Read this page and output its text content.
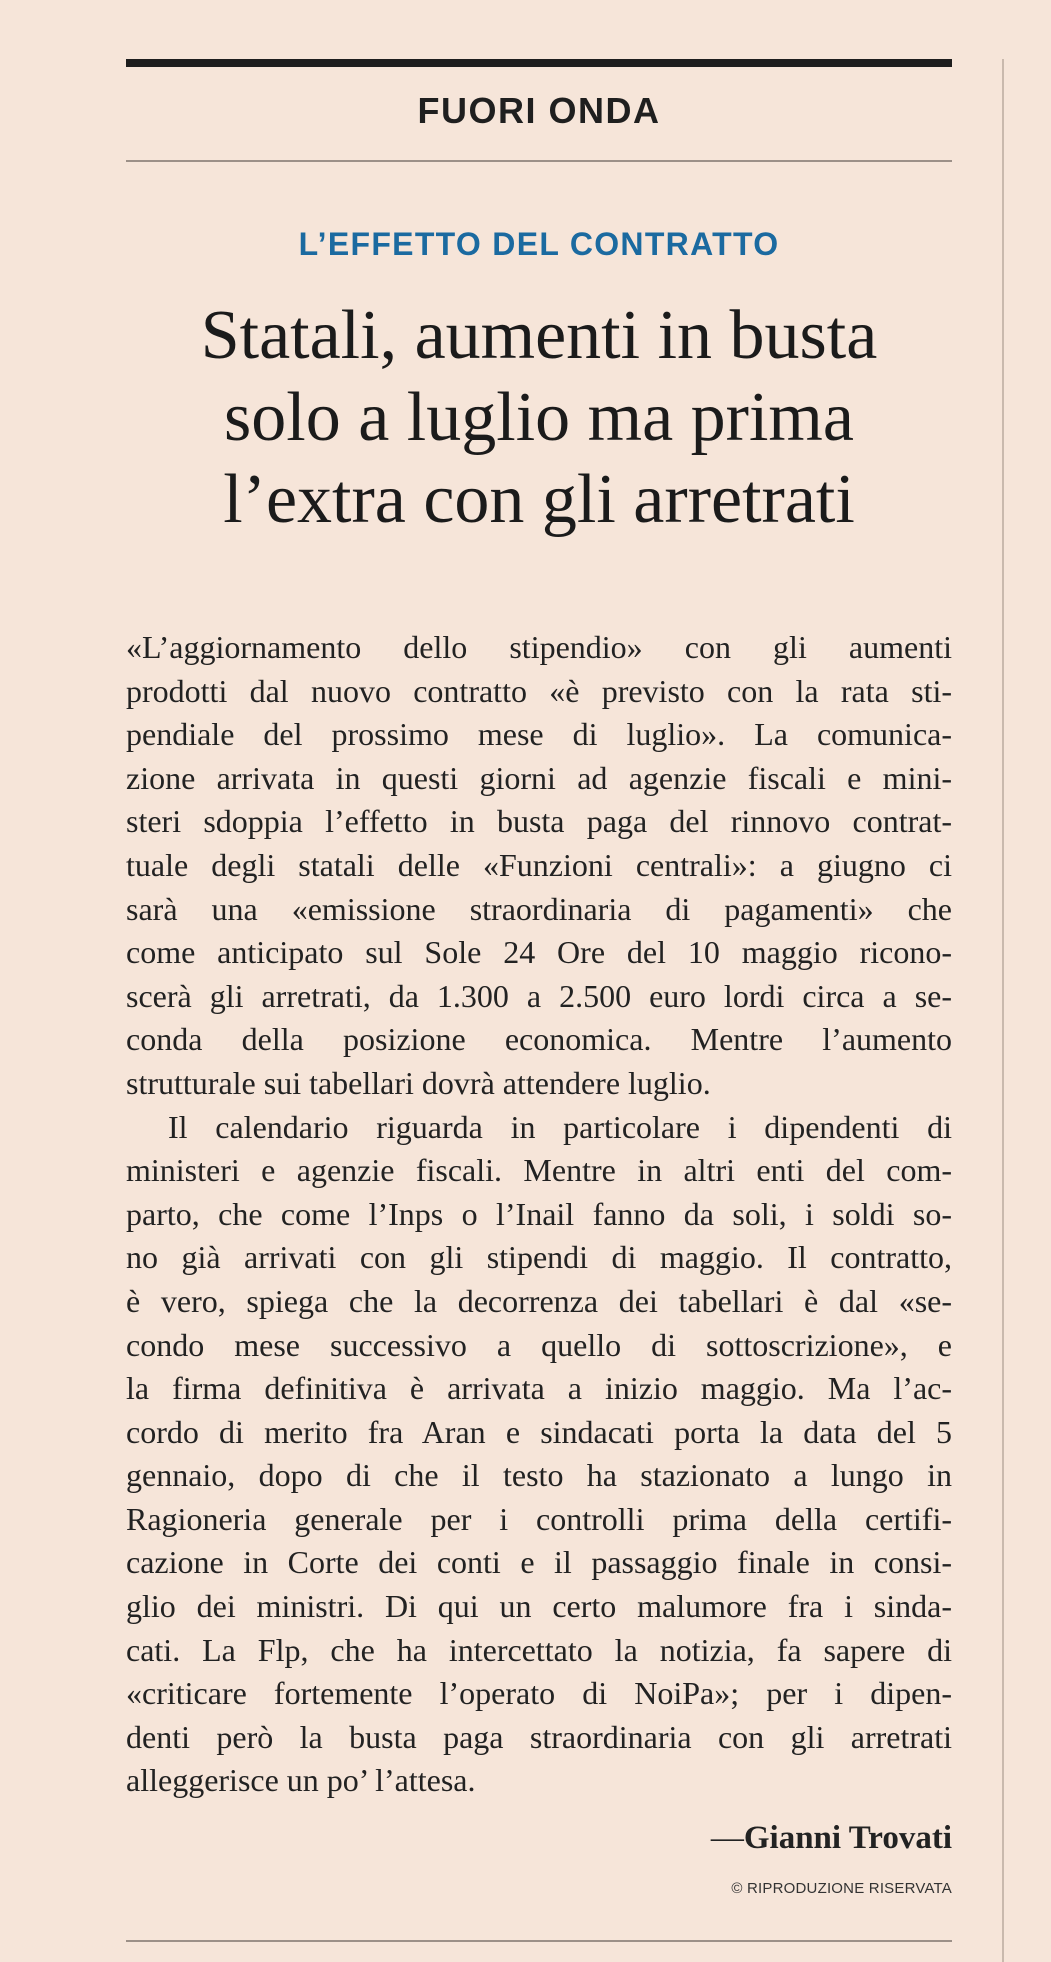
FUORI ONDA
L’EFFETTO DEL CONTRATTO
Statali, aumenti in busta
solo a luglio ma prima
l’extra con gli arretrati
«L’aggiornamento dello stipendio» con gli aumenti
prodotti dal nuovo contratto «è previsto con la rata sti-
pendiale del prossimo mese di luglio». La comunica-
zione arrivata in questi giorni ad agenzie fiscali e mini-
steri sdoppia l’effetto in busta paga del rinnovo contrat-
tuale degli statali delle «Funzioni centrali»: a giugno ci
sarà una «emissione straordinaria di pagamenti» che
come anticipato sul Sole 24 Ore del 10 maggio ricono-
scerà gli arretrati, da 1.300 a 2.500 euro lordi circa a se-
conda della posizione economica. Mentre l’aumento
strutturale sui tabellari dovrà attendere luglio.
Il calendario riguarda in particolare i dipendenti di
ministeri e agenzie fiscali. Mentre in altri enti del com-
parto, che come l’Inps o l’Inail fanno da soli, i soldi so-
no già arrivati con gli stipendi di maggio. Il contratto,
è vero, spiega che la decorrenza dei tabellari è dal «se-
condo mese successivo a quello di sottoscrizione», e
la firma definitiva è arrivata a inizio maggio. Ma l’ac-
cordo di merito fra Aran e sindacati porta la data del 5
gennaio, dopo di che il testo ha stazionato a lungo in
Ragioneria generale per i controlli prima della certifi-
cazione in Corte dei conti e il passaggio finale in consi-
glio dei ministri. Di qui un certo malumore fra i sinda-
cati. La Flp, che ha intercettato la notizia, fa sapere di
«criticare fortemente l’operato di NoiPa»; per i dipen-
denti però la busta paga straordinaria con gli arretrati
alleggerisce un po’ l’attesa.
—Gianni Trovati
© RIPRODUZIONE RISERVATA
